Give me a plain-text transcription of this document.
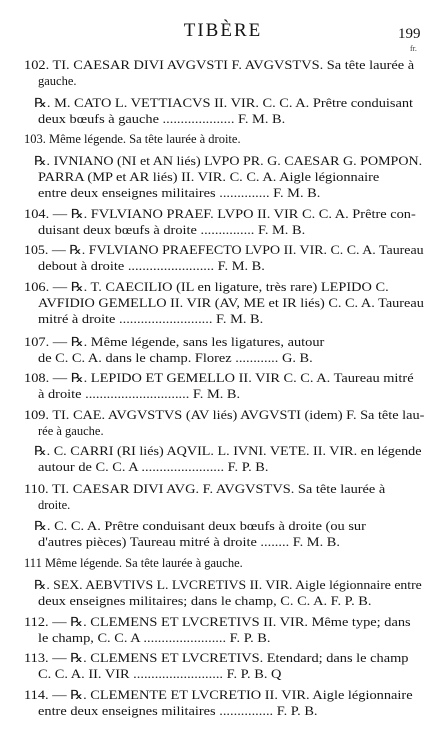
TIBÈRE	199
fr.
102. TI. CAESAR DIVI AVGVSTI F. AVGVSTVS. Sa tête laurée à
gauche.
℞. M. CATO L. VETTIACVS II. VIR. C. C. A. Prêtre conduisant
deux bœufs à gauche .................... F. M. B.
103. Même légende. Sa tête laurée à droite.
℞. IVNIANO (NI et AN liés) LVPO PR. G. CAESAR G. POMPON.
PARRA (MP et AR liés) II. VIR. C. C. A. Aigle légionnaire
entre deux enseignes militaires .............. F. M. B.
104. — ℞. FVLVIANO PRAEF. LVPO II. VIR C. C. A. Prêtre con-
duisant deux bœufs à droite ............... F. M. B.
105. — ℞. FVLVIANO PRAEFECTO LVPO II. VIR. C. C. A. Taureau
debout à droite ........................ F. M. B.
106. — ℞. T. CAECILIO (IL en ligature, très rare) LEPIDO C.
AVFIDIO GEMELLO II. VIR (AV, ME et IR liés) C. C. A. Taureau
mitré à droite .......................... F. M. B.
107. — ℞. Même légende, sans les ligatures, autour
de C. C. A. dans le champ. Florez ............ G. B.
108. — ℞. LEPIDO ET GEMELLO II. VIR C. C. A. Taureau mitré
à droite ............................. F. M. B.
109. TI. CAE. AVGVSTVS (AV liés) AVGVSTI (idem) F. Sa tête lau-
rée à gauche.
℞. C. CARRI (RI liés) AQVIL. L. IVNI. VETE. II. VIR. en légende
autour de C. C. A ....................... F. P. B.
110. TI. CAESAR DIVI AVG. F. AVGVSTVS. Sa tête laurée à
droite.
℞. C. C. A. Prêtre conduisant deux bœufs à droite (ou sur
d'autres pièces) Taureau mitré à droite ........ F. M. B.
111 Même légende. Sa tête laurée à gauche.
℞. SEX. AEBVTIVS L. LVCRETIVS II. VIR. Aigle légionnaire entre
deux enseignes militaires; dans le champ, C. C. A. F. P. B.
112. — ℞. CLEMENS ET LVCRETIVS II. VIR. Même type; dans
le champ, C. C. A ....................... F. P. B.
113. — ℞. CLEMENS ET LVCRETIVS. Etendard; dans le champ
C. C. A. II. VIR ......................... F. P. B. Q
114. — ℞. CLEMENTE ET LVCRETIO II. VIR. Aigle légionnaire
entre deux enseignes militaires ............... F. P. B.
